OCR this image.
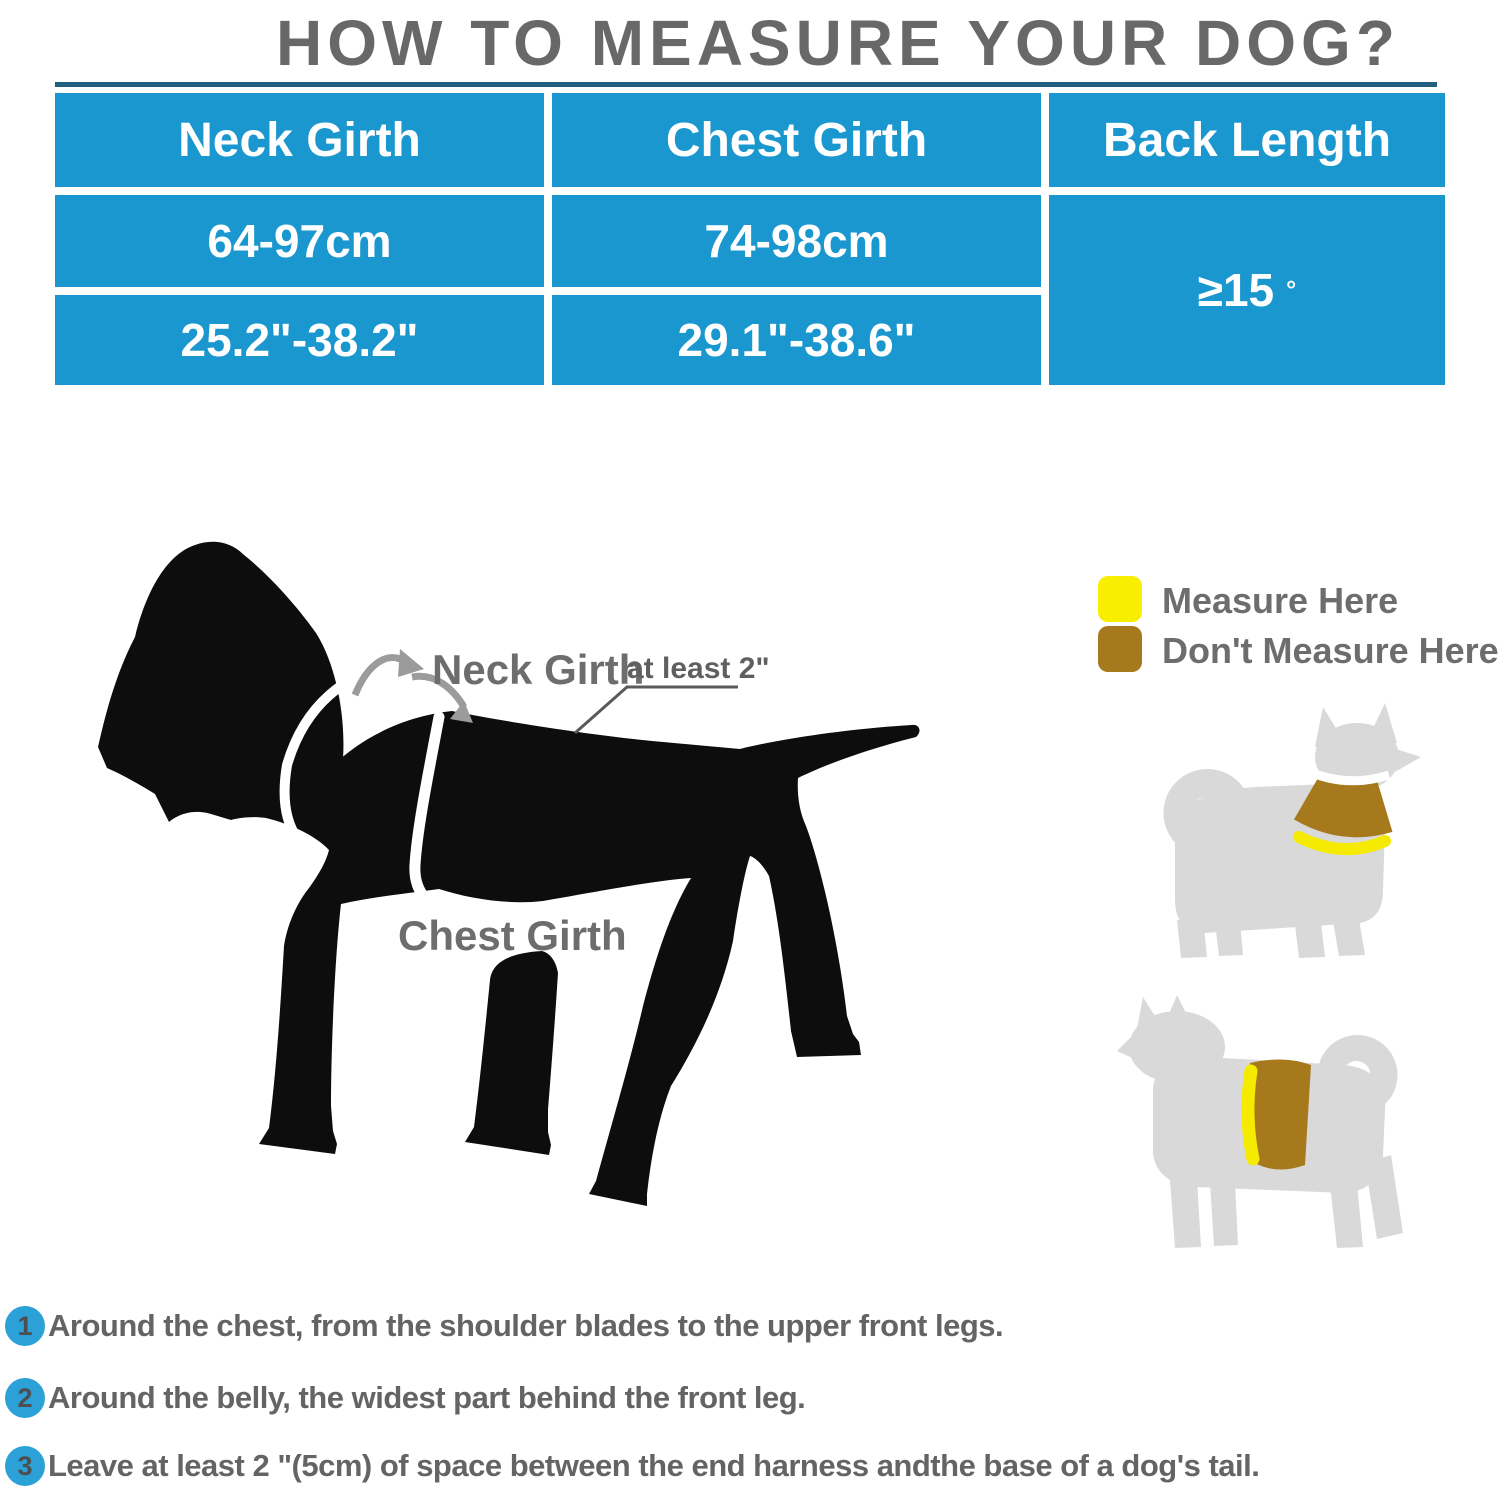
HOW TO MEASURE YOUR DOG?
Neck Girth	Chest Girth	Back Length
64-97cm	74-98cm
≥15 °
25.2"-38.2"	29.1"-38.6"
Neck Girth
at least 2"
Chest Girth
Measure Here
Don't Measure Here
1 Around the chest, from the shoulder blades to the upper front legs.
2 Around the belly, the widest part behind the front leg.
3 Leave at least 2 "(5cm) of space between the end harness andthe base of a dog's tail.
